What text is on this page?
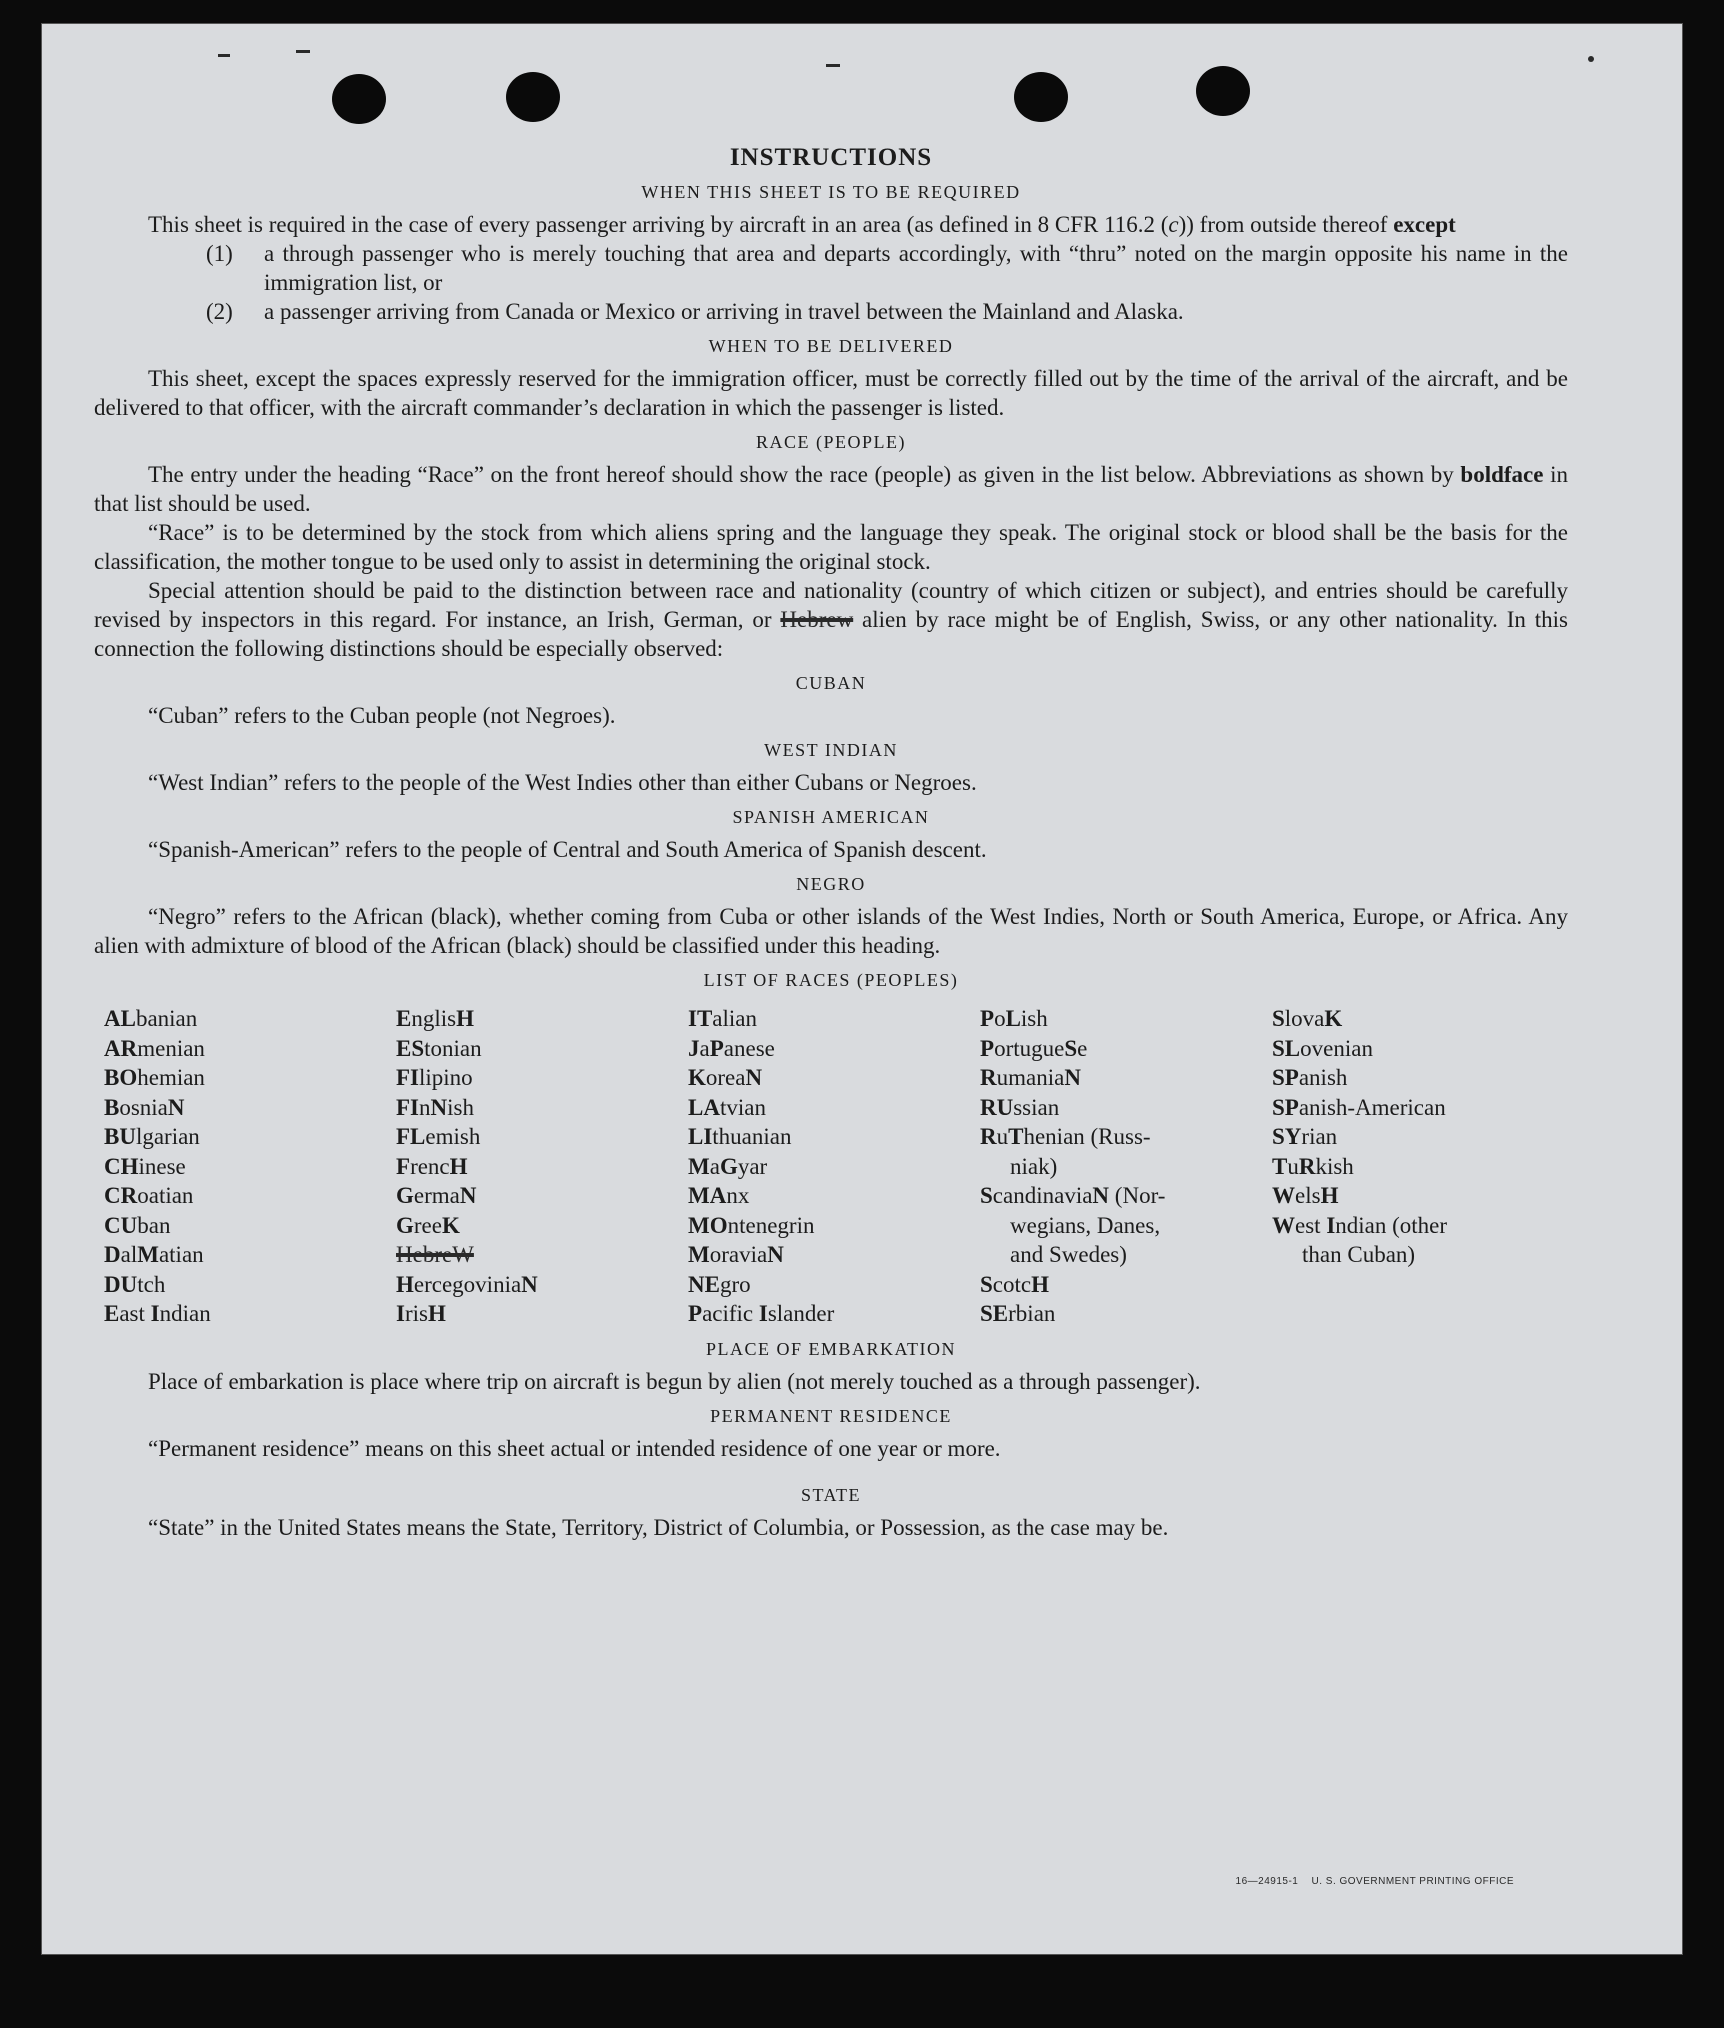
INSTRUCTIONS
WHEN THIS SHEET IS TO BE REQUIRED

This sheet is required in the case of every passenger arriving by aircraft in an area (as defined in 8 CFR 116.2 (c)) from outside thereof except

(1)	a through passenger who is merely touching that area and departs accordingly, with “thru” noted on the margin opposite his name in the immigration list, or
(2)	a passenger arriving from Canada or Mexico or arriving in travel between the Mainland and Alaska.
WHEN TO BE DELIVERED

This sheet, except the spaces expressly reserved for the immigration officer, must be correctly filled out by the time of the arrival of the aircraft, and be delivered to that officer, with the aircraft commander’s declaration in which the passenger is listed.

RACE (PEOPLE)

The entry under the heading “Race” on the front hereof should show the race (people) as given in the list below. Abbreviations as shown by boldface in that list should be used.

“Race” is to be determined by the stock from which aliens spring and the language they speak. The original stock or blood shall be the basis for the classification, the mother tongue to be used only to assist in determining the original stock.

Special attention should be paid to the distinction between race and nationality (country of which citizen or subject), and entries should be carefully revised by inspectors in this regard. For instance, an Irish, German, or Hebrew alien by race might be of English, Swiss, or any other nationality. In this connection the following distinctions should be especially observed:

CUBAN

“Cuban” refers to the Cuban people (not Negroes).

WEST INDIAN

“West Indian” refers to the people of the West Indies other than either Cubans or Negroes.

SPANISH AMERICAN

“Spanish-American” refers to the people of Central and South America of Spanish descent.

NEGRO

“Negro” refers to the African (black), whether coming from Cuba or other islands of the West Indies, North or South America, Europe, or Africa. Any alien with admixture of blood of the African (black) should be classified under this heading.

LIST OF RACES (PEOPLES)
ALbanian
ARmenian
BOhemian
BosniaN
BUlgarian
CHinese
CRoatian
CUban
DalMatian
DUtch
East Indian
EnglisH
EStonian
FIlipino
FInNish
FLemish
FrencH
GermaN
GreeK
HebreW
HercegoviniaN
IrisH
ITalian
JaPanese
KoreaN
LAtvian
LIthuanian
MaGyar
MAnx
MOntenegrin
MoraviaN
NEgro
Pacific Islander
PoLish
PortugueSe
RumaniaN
RUssian
RuThenian (Russ-
niak)
ScandinaviaN (Nor-
wegians, Danes,
and Swedes)
ScotcH
SErbian
SlovaK
SLovenian
SPanish
SPanish-American
SYrian
TuRkish
WelsH
West Indian (other
than Cuban)
PLACE OF EMBARKATION

Place of embarkation is place where trip on aircraft is begun by alien (not merely touched as a through passenger).

PERMANENT RESIDENCE

“Permanent residence” means on this sheet actual or intended residence of one year or more.

STATE

“State” in the United States means the State, Territory, District of Columbia, or Possession, as the case may be.

16—24915-1 U. S. GOVERNMENT PRINTING OFFICE
